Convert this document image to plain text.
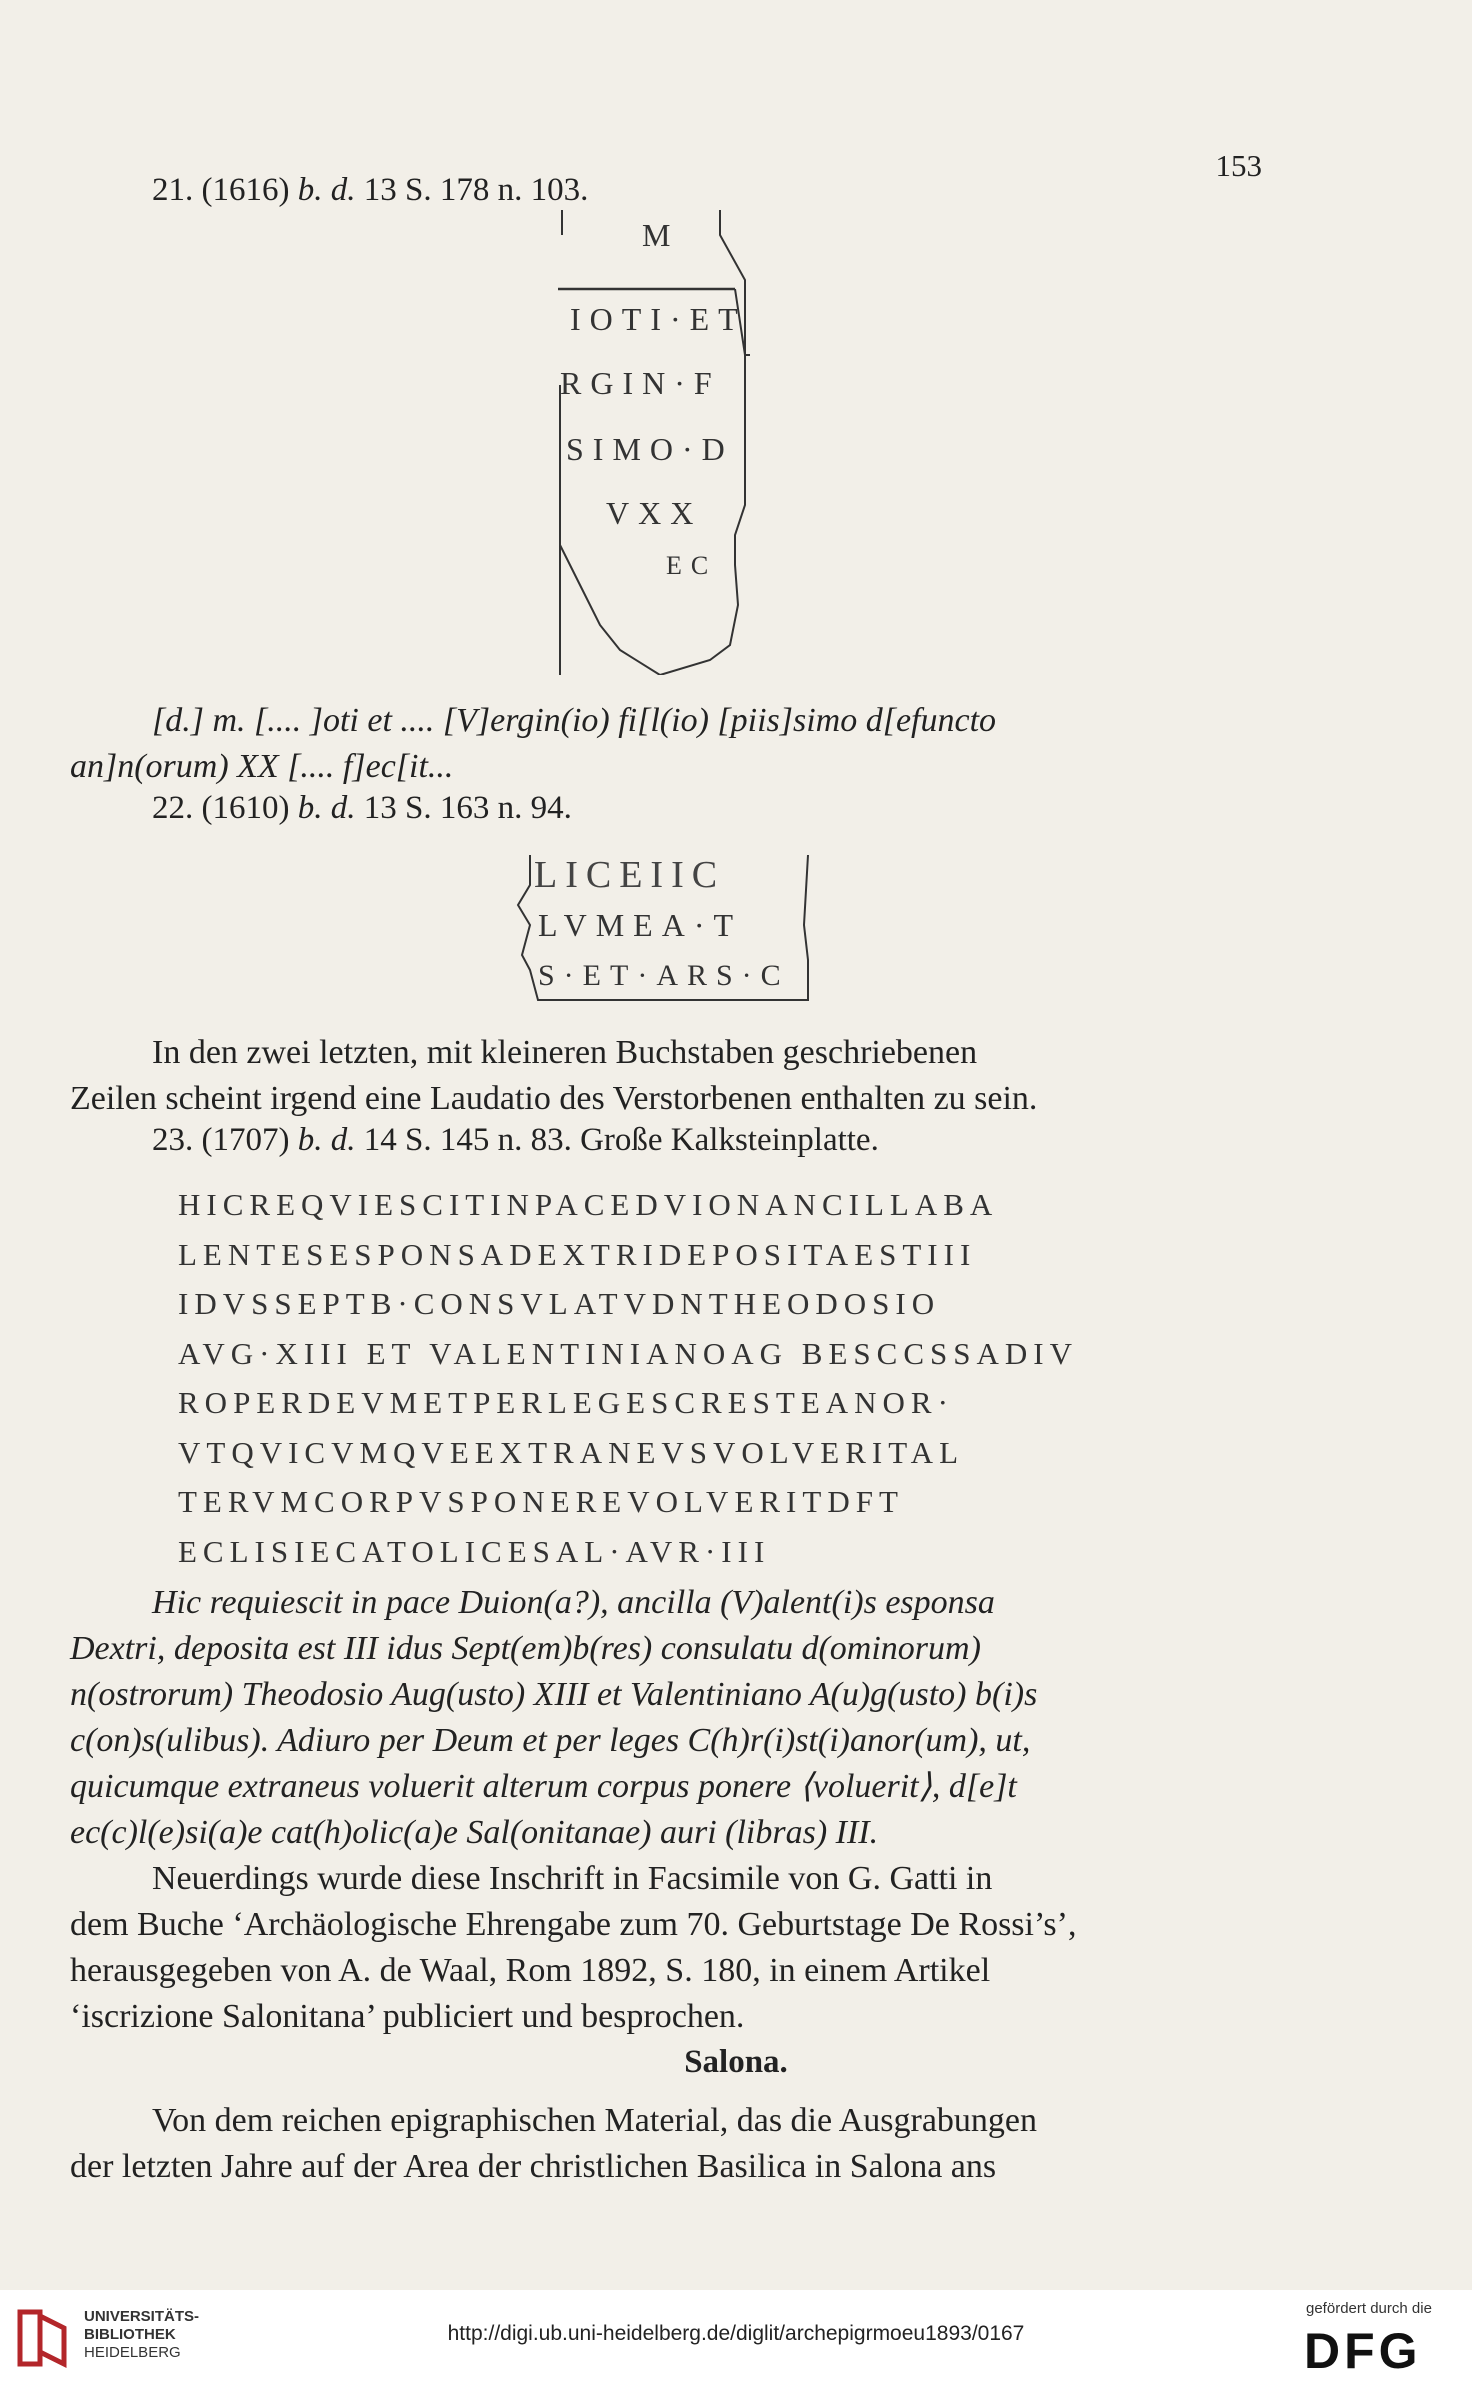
153
21. (1616) b. d. 13 S. 178 n. 103.
M
IOTI·ET
RGIN·F
SIMO·D
VXX
EC
[d.] m. [.... ]oti et .... [V]ergin(io) fi[l(io) [piis]simo d[efuncto
an]n(orum) XX [.... f]ec[it...
22. (1610) b. d. 13 S. 163 n. 94.
LICEIIC
LVMEA·T
S·ET·ARS·C
In den zwei letzten, mit kleineren Buchstaben geschriebenen
Zeilen scheint irgend eine Laudatio des Verstorbenen enthalten zu sein.
23. (1707) b. d. 14 S. 145 n. 83. Große Kalksteinplatte.
HICREQVIESCITINPACEDVIONANCILLABA
LENTESESPONSADEXTRIDEPOSITAESTIII
IDVSSEPTB·CONSVLATVDNTHEODOSIO
AVG·XIII ET VALENTINIANOAG BESCCSSADIV
ROPERDEVMETPERLEGESCRESTEANOR·
VTQVICVMQVEEXTRANEVSVOLVERITAL
TERVMCORPVSPONEREVOLVERITDFT
ECLISIECATOLICESAL·AVR·III
Hic requiescit in pace Duion(a?), ancilla (V)alent(i)s esponsa
Dextri, deposita est III idus Sept(em)b(res) consulatu d(ominorum)
n(ostrorum) Theodosio Aug(usto) XIII et Valentiniano A(u)g(usto) b(i)s
c(on)s(ulibus). Adiuro per Deum et per leges C(h)r(i)st(i)anor(um), ut,
quicumque extraneus voluerit alterum corpus ponere ⟨voluerit⟩, d[e]t
ec(c)l(e)si(a)e cat(h)olic(a)e Sal(onitanae) auri (libras) III.
Neuerdings wurde diese Inschrift in Facsimile von G. Gatti in
dem Buche ‘Archäologische Ehrengabe zum 70. Geburtstage De Rossi’s’,
herausgegeben von A. de Waal, Rom 1892, S. 180, in einem Artikel
‘iscrizione Salonitana’ publiciert und besprochen.
Salona.
Von dem reichen epigraphischen Material, das die Ausgrabungen
der letzten Jahre auf der Area der christlichen Basilica in Salona ans
UNIVERSITÄTS-
BIBLIOTHEK
HEIDELBERG
http://digi.ub.uni-heidelberg.de/diglit/archepigrmoeu1893/0167
gefördert durch die
DFG
